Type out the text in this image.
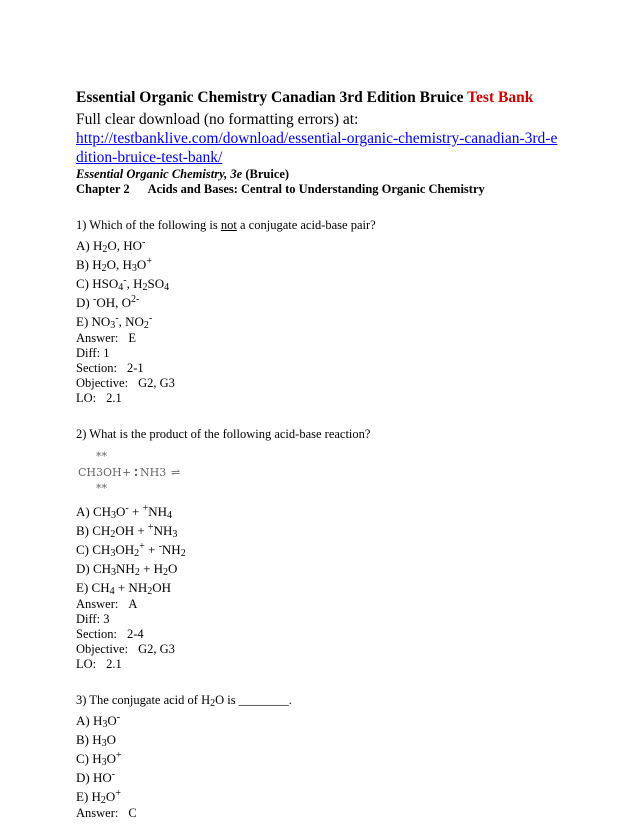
Essential Organic Chemistry Canadian 3rd Edition Bruice Test Bank
Full clear download (no formatting errors) at:
http://testbanklive.com/download/essential-organic-chemistry-canadian-3rd-e
dition-bruice-test-bank/
Essential Organic Chemistry, 3e (Bruice)
Chapter 2 Acids and Bases: Central to Understanding Organic Chemistry
1) Which of the following is not a conjugate acid-base pair?
A) $H_2O$, HO-
B) $H_2O$, $H_3O^+$
C) $HSO_4^-$, $H_2SO_4$
D) -OH, $O^{2-}$
E) $NO_3^-$, $NO_2^-$
Answer: E
Diff: 1
Section: 2-1
Objective: G2, G3
LO: 2.1
2) What is the product of the following acid-base reaction?
**
CH3OH + NH3 ⇌
**
A) $CH_3O^- + ^+NH_4$
B) $CH_2OH + ^+NH_3$
C) $CH_3OH_2^+ + ^-NH_2$
D) $CH_3NH_2 + H_2O$
E) $CH_4 + NH_2OH$
Answer: A
Diff: 3
Section: 2-4
Objective: G2, G3
LO: 2.1
3) The conjugate acid of $H_2O$ is ________.
A) $H_3O^-$
B) $H_3O$
C) $H_3O^+$
D) HO-
E) $H_2O^+$
Answer: C
